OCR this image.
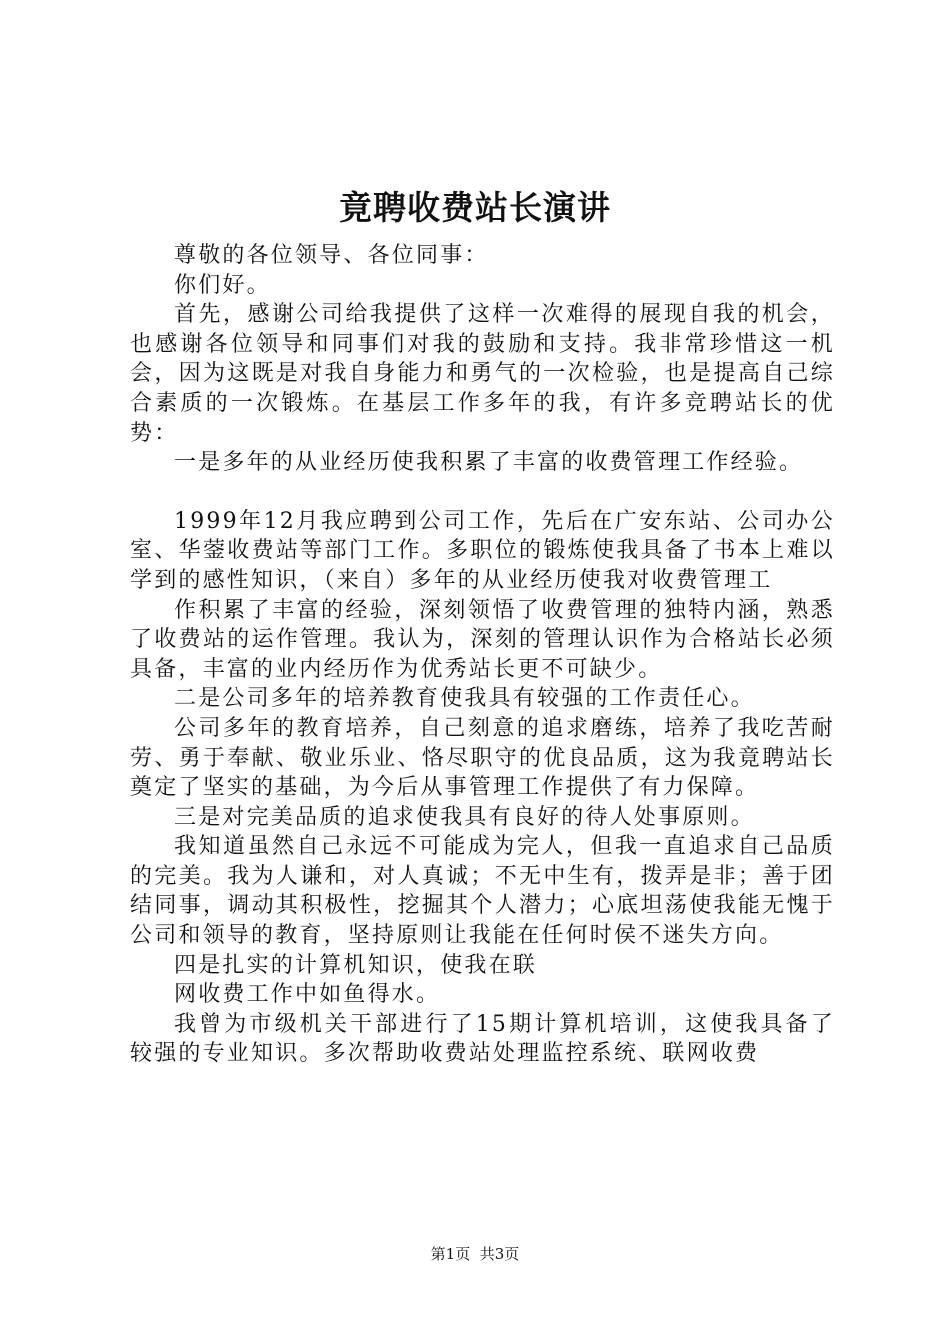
竟聘收费站长演讲

尊敬的各位领导、各位同事：

你们好。

首先，感谢公司给我提供了这样一次难得的展现自我的机会，也感谢各位领导和同事们对我的鼓励和支持。我非常珍惜这一机会，因为这既是对我自身能力和勇气的一次检验，也是提高自己综合素质的一次锻炼。在基层工作多年的我，有许多竞聘站长的优势：

一是多年的从业经历使我积累了丰富的收费管理工作经验。

1999年12月我应聘到公司工作，先后在广安东站、公司办公室、华蓥收费站等部门工作。多职位的锻炼使我具备了书本上难以学到的感性知识，（来自）多年的从业经历使我对收费管理工

作积累了丰富的经验，深刻领悟了收费管理的独特内涵，熟悉了收费站的运作管理。我认为，深刻的管理认识作为合格站长必须具备，丰富的业内经历作为优秀站长更不可缺少。

二是公司多年的培养教育使我具有较强的工作责任心。

公司多年的教育培养，自己刻意的追求磨练，培养了我吃苦耐劳、勇于奉献、敬业乐业、恪尽职守的优良品质，这为我竟聘站长奠定了坚实的基础，为今后从事管理工作提供了有力保障。

三是对完美品质的追求使我具有良好的待人处事原则。

我知道虽然自己永远不可能成为完人，但我一直追求自己品质的完美。我为人谦和，对人真诚；不无中生有，拨弄是非；善于团结同事，调动其积极性，挖掘其个人潜力；心底坦荡使我能无愧于公司和领导的教育，坚持原则让我能在任何时侯不迷失方向。

四是扎实的计算机知识，使我在联

网收费工作中如鱼得水。

我曾为市级机关干部进行了15期计算机培训，这使我具备了较强的专业知识。多次帮助收费站处理监控系统、联网收费

第1页 共3页
